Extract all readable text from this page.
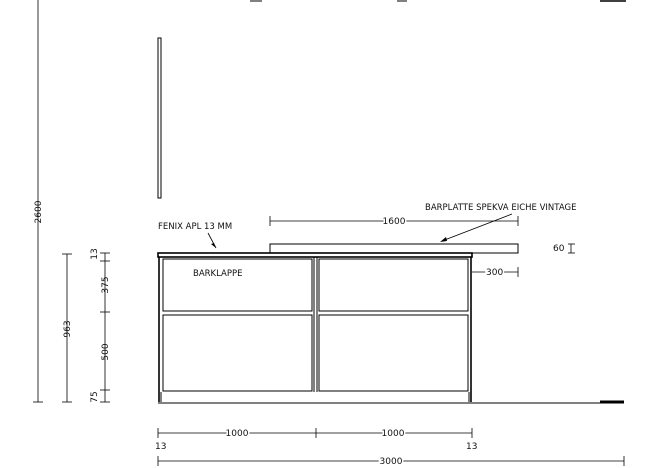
2600
963
13
375
500
75
FENIX APL 13 MM	1600
BARPLATTE SPEKVA EICHE VINTAGE
60
300
BARKLAPPE
1000	1000
13	13
3000
